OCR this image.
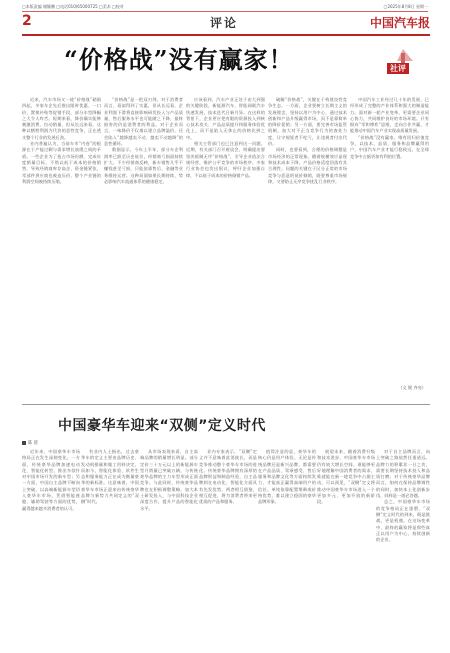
□本版责编 谢颖鹏 □电话010)65000725 □美术 □校对	□2025年8月8日 星期一
2	评论	中国汽车报
“价格战”没有赢家！	社评

近来，汽车市场又一轮“价格战”硝烟四起，多家车企先后推出限时优惠、一口价、置换补贴等促销手段，部分车型降幅之大令人咋舌。短期来看，降价确实能够刺激消费、拉动销量，但从长远来看，这种以牺牲利润为代价的恶性竞争，正在透支整个行业的发展后劲。

业内普遍认为，当前车市“内卷”的根源在于产能过剩与需求增长放缓之间的矛盾。一些企业为了抢占市场份额、完成年度销量目标，不惜以低于成本的价格销售，导致经销商库存高企、资金链紧张，零部件供应商也被迫压价，整个产业链的利润空间被持续压缩。

“价格战”是一把双刃剑。对于消费者而言，看似得到了实惠，但从长远看，企业利润下滑将直接影响研发投入与产品质量，售后服务水平也可能随之下降，最终损害的仍是消费者的利益。对于企业而言，一味降价不仅难以建立品牌溢价，还会陷入“越降越卖不动、越卖不动越降”的恶性循环。

数据显示，今年上半年，部分车企利润率已跌至历史低位，经销商亏损面持续扩大。不少经销商反映，新车销售几乎不赚钱甚至亏损，只能依靠售后、金融等业务维持运营。这种局面如果长期持续，势必影响汽车流通体系的健康稳定。

应该看到，汽车产业正处于由大到强的关键阶段，新能源汽车、智能网联汽车快速发展，技术迭代日新月异。在这样的背景下，企业更应把有限的资源投入到核心技术攻关、产品品质提升和服务体验优化上，而不是陷入无休止的价格比拼之中。

相关主管部门也已注意到这一问题。近期，有关部门召开座谈会，明确提出要坚决抵制无序“价格战”，引导企业依法合规经营，维护公平竞争的市场秩序。多家行业协会也发出倡议，呼吁企业加强自律，不以低于成本的价格倾销产品。

破解“价格战”，关键在于构建良性竞争生态。一方面，企业要树立长期主义的发展理念，坚持以用户为中心，通过技术创新和产品升级赢得市场，而不是靠简单的降价促销；另一方面，要完善市场监管机制，加大对不正当竞争行为的查处力度，让守规矩者不吃亏，让违规者付出代价。

同时，也要看到，合理的价格调整是市场经济的正常现象。随着规模效应显现和技术成本下降，产品价格适度回落有其合理性。问题的关键在于区分正常的市场竞争与恶意的低价倾销，既要尊重市场规律，又要防止无序竞争扰乱行业秩序。

中国汽车工业经过几十年的发展，已经形成了完整的产业体系和强大的制造能力。面对新一轮产业变革，更需要企业同心协力，共同维护良好的市场环境。只有摒弃“零和博弈”思维，走向合作共赢，才能推动中国汽车产业实现高质量发展。

“价格战”没有赢家。唯有回归价值竞争，以技术、品质、服务和品牌赢得用户，中国汽车产业才能行稳致远，在全球竞争中占据更加有利的位置。

（文 媛 齐亮）
中国豪华车迎来“双侧”定义时代
陈 晨

近年来，中国豪华车市场格局正在发生深刻变化。一方面，传统豪华品牌加速电动化、智能化转型，推出多款针对中国市场开发的新车型；另一方面，中国自主品牌不断向上突破，以高端新能源车型切入豪华车市场，凭借智能座舱、辅助驾驶等方面的优势，赢得越来越多消费者的认可。

有业内人士指出，过去豪华车的定义主要由品牌历史、发动机排量和做工用料决定，而如今，智能化体验、软件生态和服务能力正在成为衡量豪华的新标准。这意味着，中国豪华车市场正迎来由传统豪华品牌与新势力共同定义的“双侧”时代。

从市场表现来看，自主高端品牌的销量增长明显。部分定价三十万元以上的新能源车型月销量已突破万辆，与传统豪华品牌的主力车型形成正面竞争。与此同时，传统豪华品牌也在积极调整策略，加大本土研发投入，与中国科技企业深度合作，提升产品的智能化水平。

业内专家表示，“双侧”定义并不意味着此消彼长，而是竞争推动整个豪华车市场的进化。传统豪华品牌拥有深厚的品牌积淀和制造经验，自主品牌则在电动化、智能化方面具有先发优势，两者相互借鉴、相互促进，将为消费者带来更优质的产品和服务。

值得注意的是，豪华车的核心仍是用户体验。无论是传统品牌还是新兴品牌，都需要在产品品质、驾乘感受、售后服务和品牌文化等方面持续发力，才能真正赢得高端用户的信任。单纯依靠配置堆砌或价格优势，难以建立稳固的豪华品牌形象。

展望未来，随着消费升级和技术进步，中国豪华车市场仍有较大增长空间。谁能够更好地理解中国消费者的需求，谁就能在新一轮竞争中占据主动。可以预见，“双侧”定义将推动中国豪华车市场进入一个更加多元、更加开放的新阶段。

对于自主品牌而言，向上突破之路依然任重道远。品牌力的积累非一日之功，需要长期坚持技术投入和品质打磨。对于传统豪华品牌而言，如何在保持品牌调性的同时，加快本土化创新步伐，同样是一道必答题。

总之，中国豪华车市场的竞争格局正在重塑，“双侧”定义时代的到来，既是挑战，更是机遇。在这场变革中，最终的赢家将是那些真正以用户为中心、持续创新的企业。
